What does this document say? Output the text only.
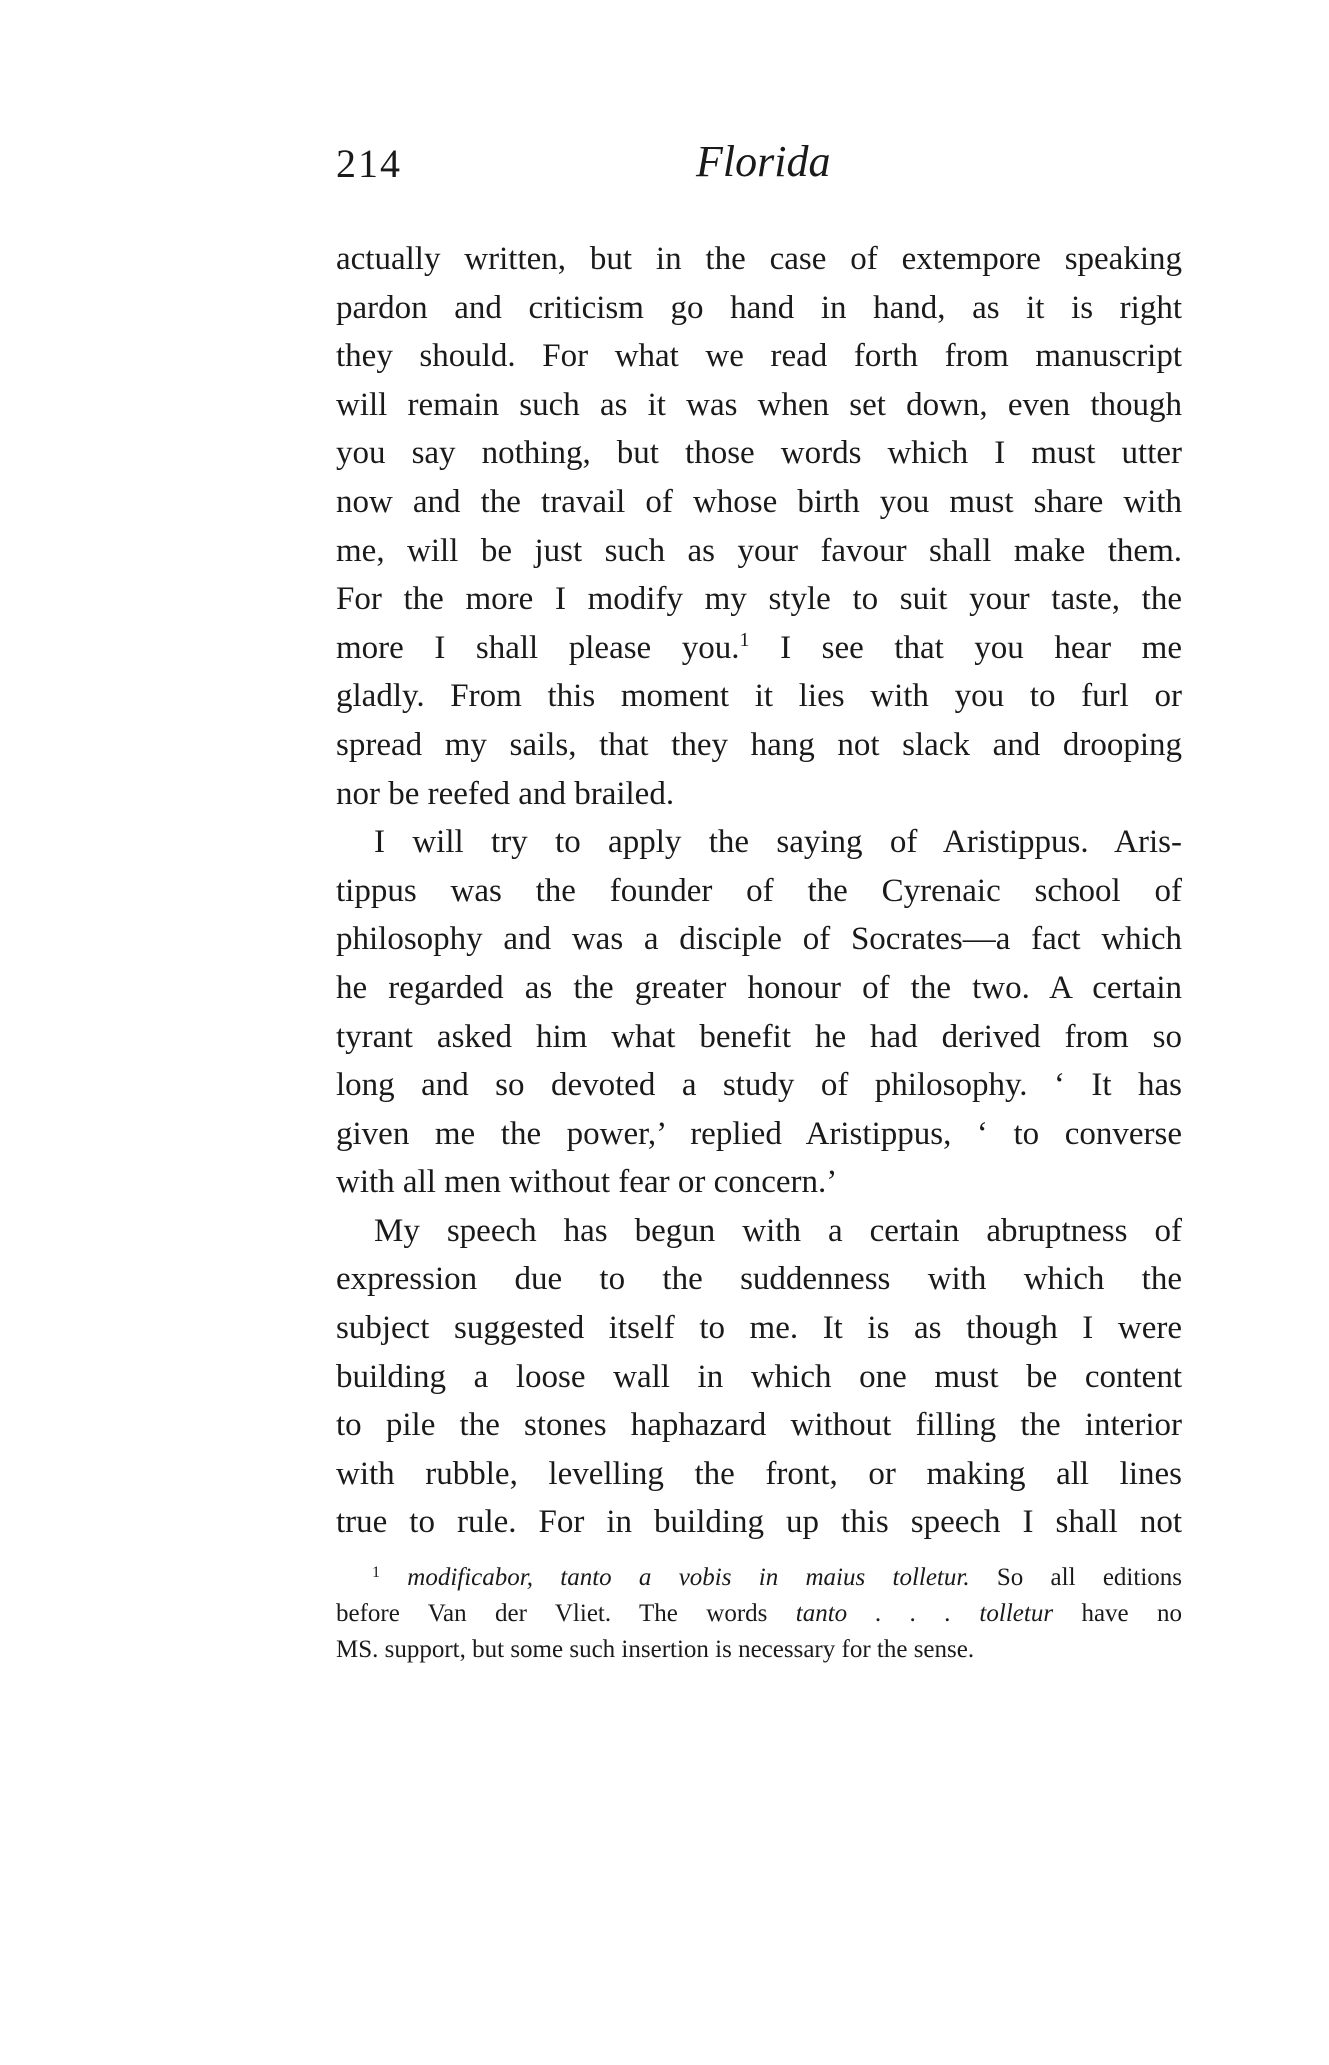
214	Florida
actually written, but in the case of extempore speaking
pardon and criticism go hand in hand, as it is right
they should. For what we read forth from manuscript
will remain such as it was when set down, even though
you say nothing, but those words which I must utter
now and the travail of whose birth you must share with
me, will be just such as your favour shall make them.
For the more I modify my style to suit your taste, the
more I shall please you.$^1$ I see that you hear me
gladly. From this moment it lies with you to furl or
spread my sails, that they hang not slack and drooping
nor be reefed and brailed.
I will try to apply the saying of Aristippus. Aris-
tippus was the founder of the Cyrenaic school of
philosophy and was a disciple of Socrates—a fact which
he regarded as the greater honour of the two. A certain
tyrant asked him what benefit he had derived from so
long and so devoted a study of philosophy. ‘ It has
given me the power,’ replied Aristippus, ‘ to converse
with all men without fear or concern.’
My speech has begun with a certain abruptness of
expression due to the suddenness with which the
subject suggested itself to me. It is as though I were
building a loose wall in which one must be content
to pile the stones haphazard without filling the interior
with rubble, levelling the front, or making all lines
true to rule. For in building up this speech I shall not
$^1$ modificabor, tanto a vobis in maius tolletur. So all editions
before Van der Vliet. The words tanto . . . tolletur have no
MS. support, but some such insertion is necessary for the sense.
